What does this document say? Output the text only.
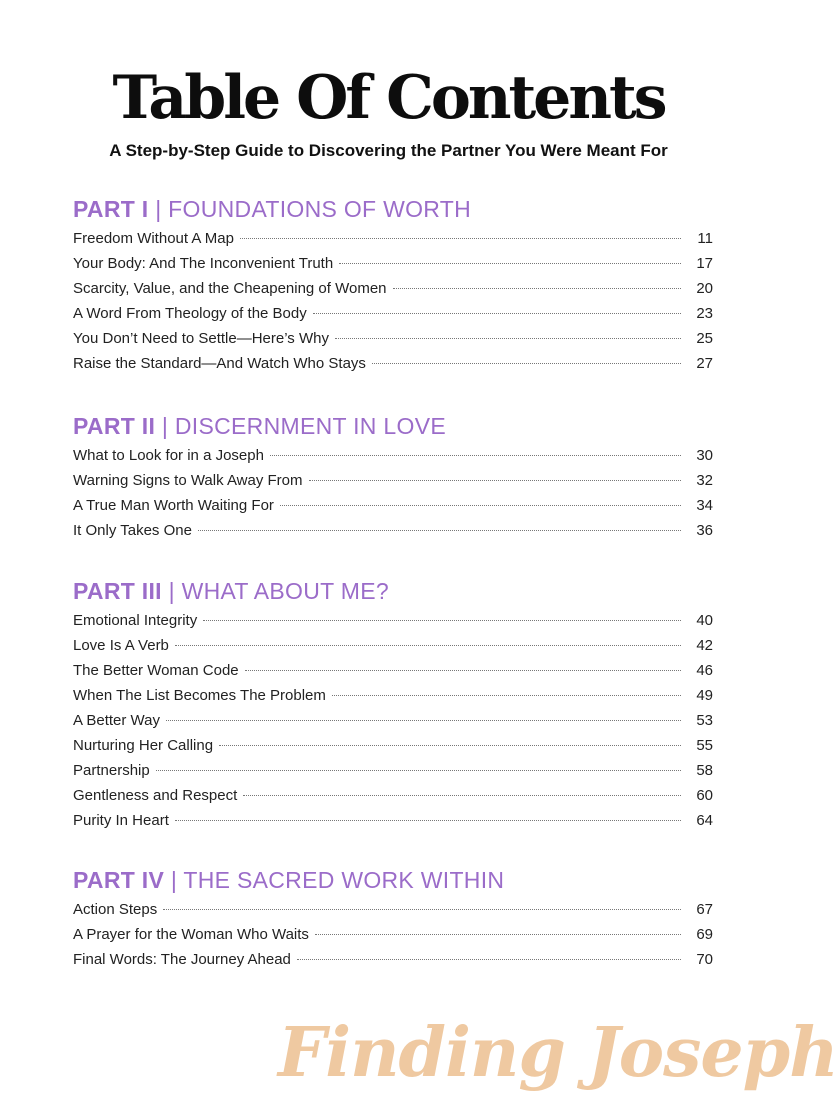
Table Of Contents
A Step-by-Step Guide to Discovering the Partner You Were Meant For
PART I | FOUNDATIONS OF WORTH
Freedom Without A Map	11
Your Body: And The Inconvenient Truth	17
Scarcity, Value, and the Cheapening of Women	20
A Word From Theology of the Body	23
You Don’t Need to Settle—Here’s Why	25
Raise the Standard—And Watch Who Stays	27
PART II | DISCERNMENT IN LOVE
What to Look for in a Joseph	30
Warning Signs to Walk Away From	32
A True Man Worth Waiting For	34
It Only Takes One	36
PART III | WHAT ABOUT ME?
Emotional Integrity	40
Love Is A Verb	42
The Better Woman Code	46
When The List Becomes The Problem	49
A Better Way	53
Nurturing Her Calling	55
Partnership	58
Gentleness and Respect	60
Purity In Heart	64
PART IV | THE SACRED WORK WITHIN
Action Steps	67
A Prayer for the Woman Who Waits	69
Final Words: The Journey Ahead	70
Finding Joseph
